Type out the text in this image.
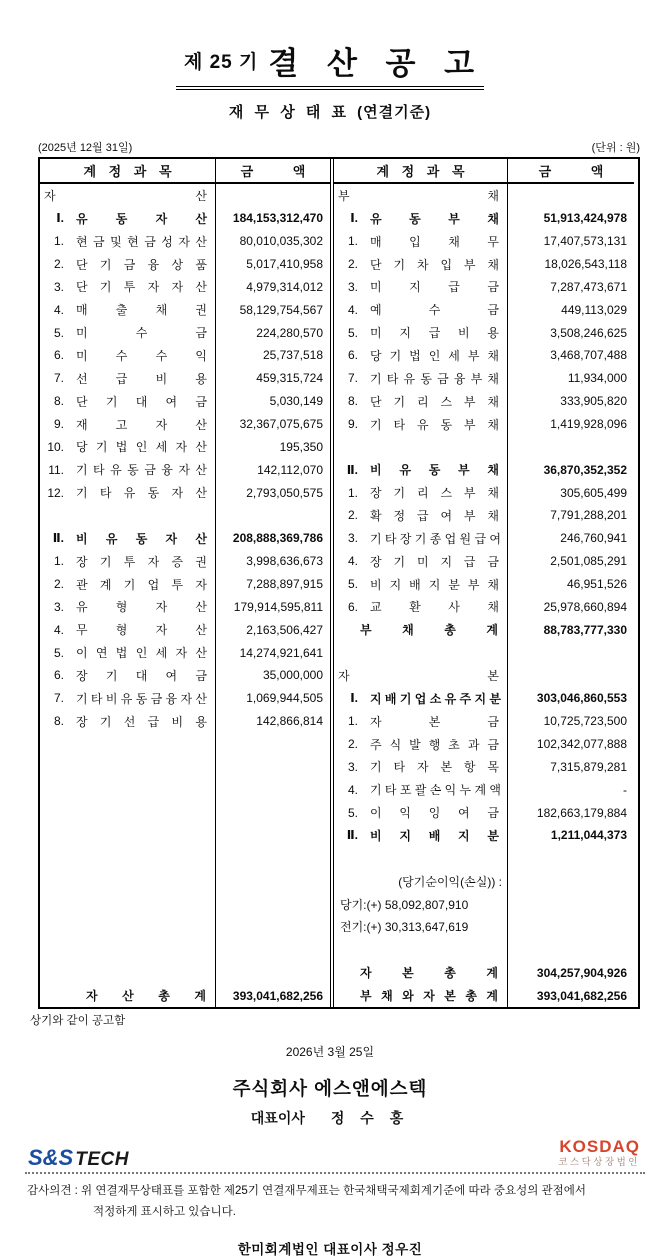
제 25 기 결 산 공 고
재 무 상 태 표 (연결기준)
(2025년 12월 31일)	(단위 : 원)
계 정 과 목	금 액
자 산
Ⅰ.	유 동 자 산	184,153,312,470
1.	현 금 및 현 금 성 자 산	80,010,035,302
2.	단 기 금 융 상 품	5,017,410,958
3.	단 기 투 자 자 산	4,979,314,012
4.	매 출 채 권	58,129,754,567
5.	미 수 금	224,280,570
6.	미 수 수 익	25,737,518
7.	선 급 비 용	459,315,724
8.	단 기 대 여 금	5,030,149
9.	재 고 자 산	32,367,075,675
10.	당 기 법 인 세 자 산	195,350
11.	기 타 유 동 금 융 자 산	142,112,070
12.	기 타 유 동 자 산	2,793,050,575
Ⅱ.	비 유 동 자 산	208,888,369,786
1.	장 기 투 자 증 권	3,998,636,673
2.	관 계 기 업 투 자	7,288,897,915
3.	유 형 자 산	179,914,595,811
4.	무 형 자 산	2,163,506,427
5.	이 연 법 인 세 자 산	14,274,921,641
6.	장 기 대 여 금	35,000,000
7.	기 타 비 유 동 금 융 자 산	1,069,944,505
8.	장 기 선 급 비 용	142,866,814
자 산 총 계	393,041,682,256
계 정 과 목	금 액
부 채
Ⅰ.	유 동 부 채	51,913,424,978
1.	매 입 채 무	17,407,573,131
2.	단 기 차 입 부 채	18,026,543,118
3.	미 지 급 금	7,287,473,671
4.	예 수 금	449,113,029
5.	미 지 급 비 용	3,508,246,625
6.	당 기 법 인 세 부 채	3,468,707,488
7.	기 타 유 동 금 융 부 채	11,934,000
8.	단 기 리 스 부 채	333,905,820
9.	기 타 유 동 부 채	1,419,928,096
Ⅱ.	비 유 동 부 채	36,870,352,352
1.	장 기 리 스 부 채	305,605,499
2.	확 정 급 여 부 채	7,791,288,201
3.	기 타 장 기 종 업 원 급 여	246,760,941
4.	장 기 미 지 급 금	2,501,085,291
5.	비 지 배 지 분 부 채	46,951,526
6.	교 환 사 채	25,978,660,894
부 채 총 계	88,783,777,330
자 본
Ⅰ.	지 배 기 업 소 유 주 지 분	303,046,860,553
1.	자 본 금	10,725,723,500
2.	주 식 발 행 초 과 금	102,342,077,888
3.	기 타 자 본 항 목	7,315,879,281
4.	기 타 포 괄 손 익 누 계 액	-
5.	이 익 잉 여 금	182,663,179,884
Ⅱ.	비 지 배 지 분	1,211,044,373
(당기순이익(손실)) :
당기:(+) 58,092,807,910
전기:(+) 30,313,647,619
자 본 총 계	304,257,904,926
부 채 와 자 본 총 계	393,041,682,256
상기와 같이 공고함
2026년 3월 25일
주식회사 에스앤에스텍
대표이사 정 수 홍
S&S TECH
KOSDAQ
코스닥상장법인
감사의견 : 위 연결재무상태표를 포함한 제25기 연결재무제표는 한국채택국제회계기준에 따라 중요성의 관점에서
적정하게 표시하고 있습니다.
한미회계법인 대표이사 정우진
